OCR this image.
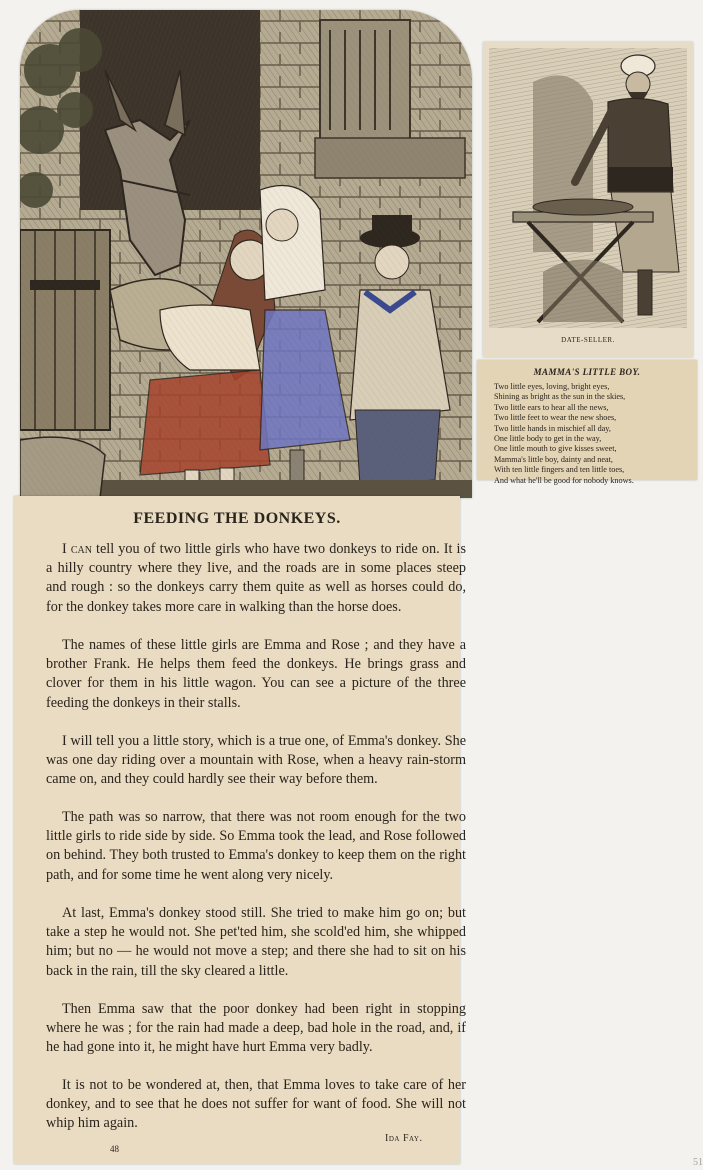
FEEDING THE DONKEYS.

I can tell you of two little girls who have two donkeys to ride on. It is a hilly country where they live, and the roads are in some places steep and rough : so the donkeys carry them quite as well as horses could do, for the donkey takes more care in walking than the horse does.

The names of these little girls are Emma and Rose ; and they have a brother Frank. He helps them feed the donkeys. He brings grass and clover for them in his little wagon. You can see a picture of the three feeding the donkeys in their stalls.

I will tell you a little story, which is a true one, of Emma's donkey. She was one day riding over a mountain with Rose, when a heavy rain-storm came on, and they could hardly see their way before them.

The path was so narrow, that there was not room enough for the two little girls to ride side by side. So Emma took the lead, and Rose followed on behind. They both trusted to Emma's donkey to keep them on the right path, and for some time he went along very nicely.

At last, Emma's donkey stood still. She tried to make him go on; but take a step he would not. She pet'ted him, she scold'ed him, she whipped him; but no — he would not move a step; and there she had to sit on his back in the rain, till the sky cleared a little.

Then Emma saw that the poor donkey had been right in stopping where he was ; for the rain had made a deep, bad hole in the road, and, if he had gone into it, he might have hurt Emma very badly.

It is not to be wondered at, then, that Emma loves to take care of her donkey, and to see that he does not suffer for want of food. She will not whip him again.

Ida Fay.
48
DATE-SELLER.
MAMMA'S LITTLE BOY.
Two little eyes, loving, bright eyes,
Shining as bright as the sun in the skies,
Two little ears to hear all the news,
Two little feet to wear the new shoes,
Two little hands in mischief all day,
One little body to get in the way,
One little mouth to give kisses sweet,
Mamma's little boy, dainty and neat,
With ten little fingers and ten little toes,
And what he'll be good for nobody knows.
51
